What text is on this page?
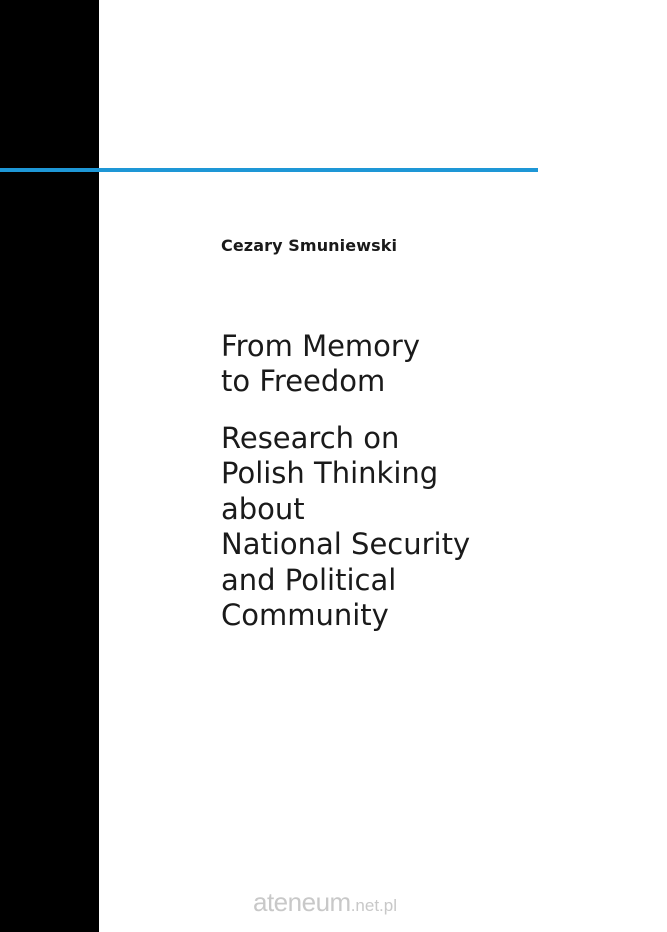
Cezary Smuniewski
From Memory
to Freedom
Research on
Polish Thinking
about
National Security
and Political
Community
ateneum.net.pl
